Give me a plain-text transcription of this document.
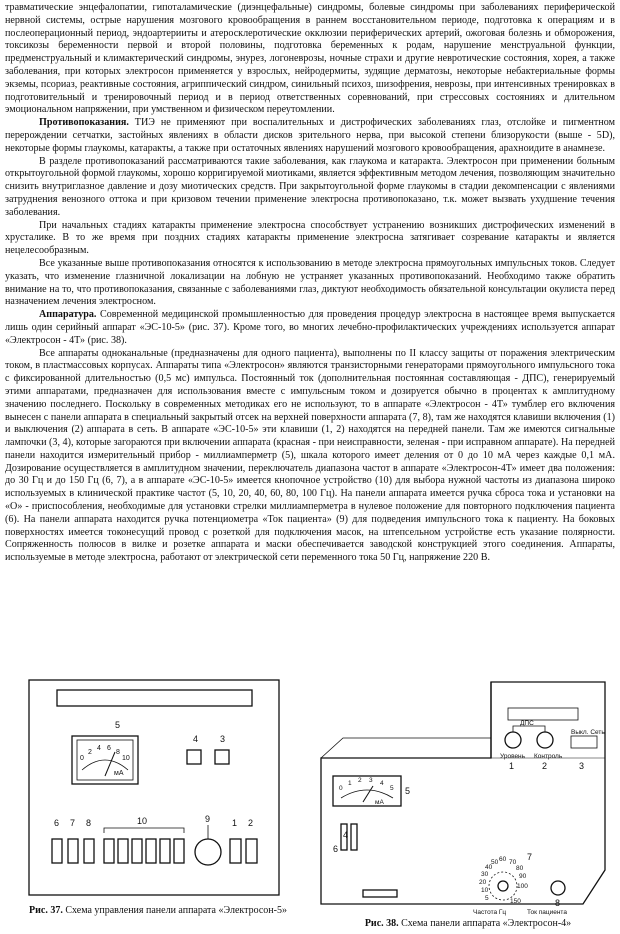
травматические энцефалопатии, гипоталамические (диэнцефальные) синдромы, болевые синдромы при заболеваниях периферической нервной системы, острые нарушения мозгового кровообращения в раннем восстановительном периоде, подготовка к операциям и в послеоперационный период, эндоартерииты и атеросклеротические окклюзии периферических артерий, ожоговая болезнь и обморожения, токсикозы беременности первой и второй половины, подготовка беременных к родам, нарушение менструальной функции, предменструальный и климактерический синдромы, энурез, логоневрозы, ночные страхи и другие невротические состояния, хорея, а также заболевания, при которых электросон применяется у взрослых, нейродермиты, зудящие дерматозы, некоторые небактериальные формы экземы, псориаз, реактивные состояния, агриппический синдром, синильный психоз, шизофрения, неврозы, при интенсивных тренировках в подготовительный и тренировочный период и в период ответственных соревнований, при стрессовых состояниях и длительном эмоциональном напряжении, при умственном и физическом переутомлении.

Противопоказания. ТИЭ не применяют при воспалительных и дистрофических заболеваниях глаз, отслойке и пигментном перерождении сетчатки, застойных явлениях в области дисков зрительного нерва, при высокой степени близорукости (выше - 5D), некоторые формы глаукомы, катаракты, а также при остаточных явлениях нарушений мозгового кровообращения, арахноидите в анамнезе.

В разделе противопоказаний рассматриваются такие заболевания, как глаукома и катаракта. Электросон при применении больным открытоугольной формой глаукомы, хорошо корригируемой миотиками, является эффективным методом лечения, позволяющим значительно снизить внутриглазное давление и дозу миотических средств. При закрытоугольной форме глаукомы в стадии декомпенсации с явлениями затруднения венозного оттока и при кризовом течении применение электросна противопоказано, т.к. может вызвать ухудшение течения заболевания.

При начальных стадиях катаракты применение электросна способствует устранению возникших дистрофических изменений в хрусталике. В то же время при поздних стадиях катаракты применение электросна затягивает созревание катаракты и является нецелесообразным.

Все указанные выше противопоказания относятся к использованию в методе электросна прямоугольных импульсных токов. Следует указать, что изменение глазничной локализации на лобную не устраняет указанных противопоказаний. Необходимо также обратить внимание на то, что противопоказания, связанные с заболеваниями глаз, диктуют необходимость обязательной консультации окулиста перед назначением лечения электросном.

Аппаратура. Современной медицинской промышленностью для проведения процедур электросна в настоящее время выпускается лишь один серийный аппарат «ЭС-10-5» (рис. 37). Кроме того, во многих лечебно-профилактических учреждениях используется аппарат «Электросон - 4Т» (рис. 38).

Все аппараты одноканальные (предназначены для одного пациента), выполнены по II классу защиты от поражения электрическим током, в пластмассовых корпусах. Аппараты типа «Электросон» являются транзисторными генераторами прямоугольного импульсного тока с фиксированной длительностью (0,5 мс) импульса. Постоянный ток (дополнительная постоянная составляющая - ДПС), генерируемый этими аппаратами, предназначен для использования вместе с импульсным током и дозируется обычно в процентах к амплитудному значению последнего. Поскольку в современных методиках его не используют, то в аппарате «Электросон - 4Т» тумблер его включения вынесен с панели аппарата в специальный закрытый отсек на верхней поверхности аппарата (7, 8), там же находятся клавиши включения (1) и выключения (2) аппарата в сеть. В аппарате «ЭС-10-5» эти клавиши (1, 2) находятся на передней панели. Там же имеются сигнальные лампочки (3, 4), которые загораются при включении аппарата (красная - при неисправности, зеленая - при исправном аппарате). На передней панели находится измерительный прибор - миллиамперметр (5), шкала которого имеет деления от 0 до 10 мА через каждые 0,1 мА. Дозирование осуществляется в амплитудном значении, переключатель диапазона частот в аппарате «Электросон-4Т» имеет два положения: до 30 Гц и до 150 Гц (6, 7), а в аппарате «ЭС-10-5» имеется кнопочное устройство (10) для выбора нужной частоты из диапазона широко используемых в клинической практике частот (5, 10, 20, 40, 60, 80, 100 Гц). На панели аппарата имеется ручка сброса тока и установки на «О» - приспособления, необходимые для установки стрелки миллиамперметра в нулевое положение для повторного подключения пациента (6). На панели аппарата находится ручка потенциометра «Ток пациента» (9) для подведения импульсного тока к пациенту. На боковых поверхностях имеется токонесущий провод с розеткой для подключения масок, на штепсельном устройстве есть указание полярности. Сопряженность полюсов в вилке и розетке аппарата и маски обеспечивается заводской конструкцией этого соединения. Аппараты, используемые в методе электросна, работают от электрической сети переменного тока 50 Гц, напряжение 220 В.

0
2
4 6
8
10
мА
5
4 3
6 7 8	10	9 1 2
Рис. 37. Схема управления панели аппарата «Электросон-5»
ДПС
Уровень Контроль
Выкл. Сеть
0
1 2 3 4
5
мА
Частота Гц	Ток пациента
5
10
20
30
40
50 60 70
80
90
100
150
1	2	3
5
4
6
7
8
Рис. 38. Схема панели аппарата «Электросон-4»
